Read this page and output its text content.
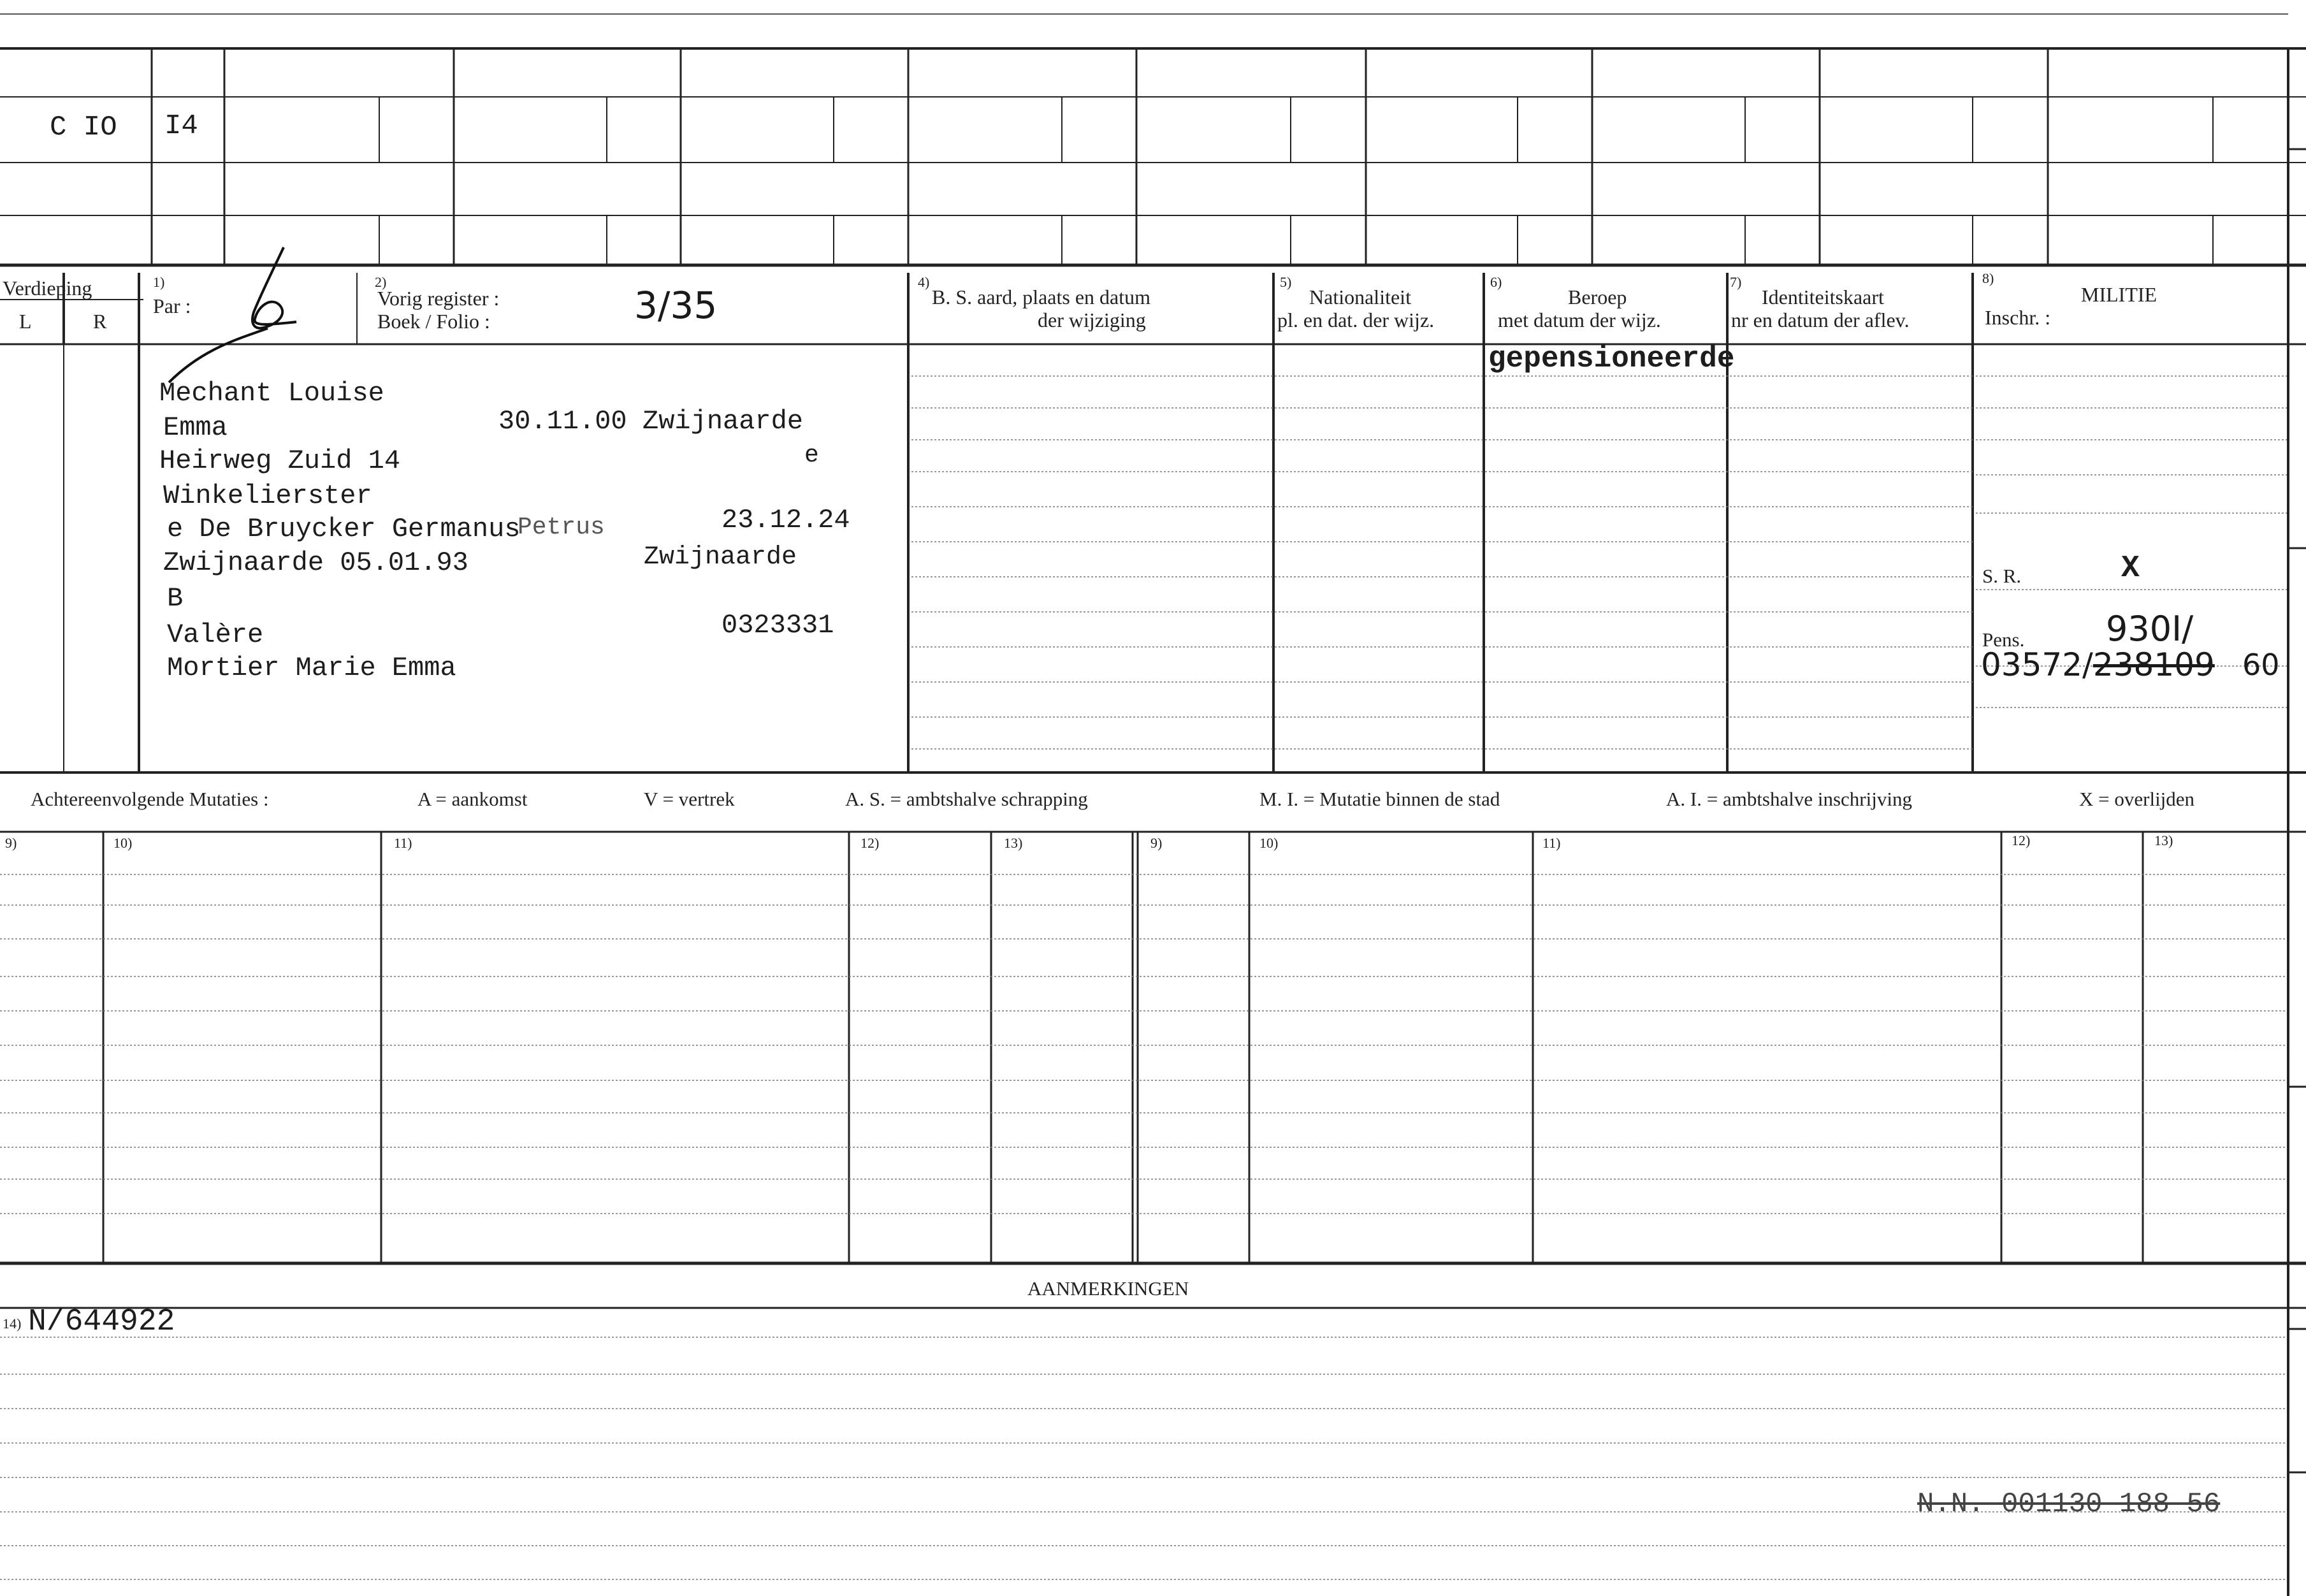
C IO I4
Verdieping
L	R
1)
Par :
2)
Vorig register :
Boek / Folio :	3/35
4)
B. S. aard, plaats en datum
der wijziging
5)
Nationaliteit
pl. en dat. der wijz.
6)
Beroep
met datum der wijz.
7)
Identiteitskaart
nr en datum der aflev.
8)
MILITIE
Inschr. :
Mechant Louise
Emma	30.11.00 Zwijnaarde
Heirweg Zuid 14	e
Winkelierster
e De Bruycker Germanus
Petrus	23.12.24
Zwijnaarde 05.01.93	Zwijnaarde
B
Valère	0323331
Mortier Marie Emma
gepensioneerde
S. R.	X
Pens. 930I/
03572/238109 60
Achtereenvolgende Mutaties :	A = aankomst	V = vertrek	A. S. = ambtshalve schrapping	M. I. = Mutatie binnen de stad	A. I. = ambtshalve inschrijving	X = overlijden
9)	10)	11)	12)	13)	9)	10)	11)	12)	13)
AANMERKINGEN
14) N/644922
N.N. 001130 188 56
